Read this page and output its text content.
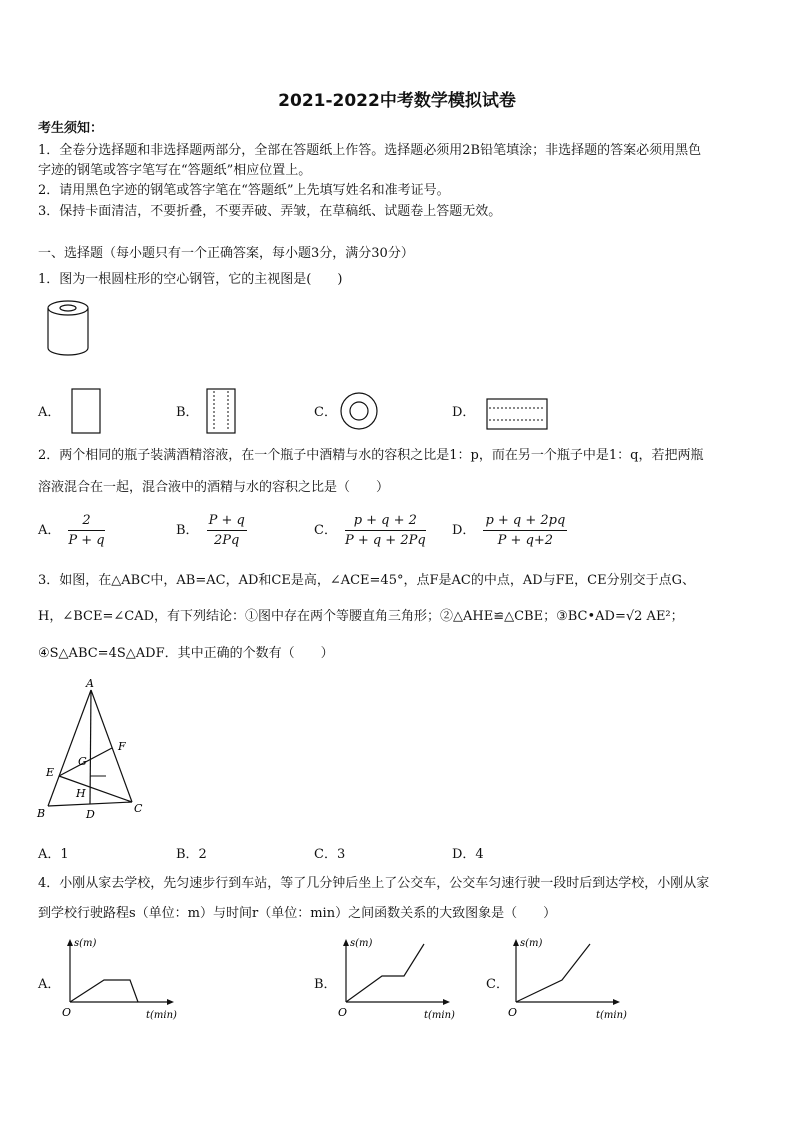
2021-2022中考数学模拟试卷
考生须知：
1．全卷分选择题和非选择题两部分，全部在答题纸上作答。选择题必须用2B铅笔填涂；非选择题的答案必须用黑色
字迹的钢笔或答字笔写在“答题纸”相应位置上。
2．请用黑色字迹的钢笔或答字笔在“答题纸”上先填写姓名和准考证号。
3．保持卡面清洁，不要折叠，不要弄破、弄皱，在草稿纸、试题卷上答题无效。
一、选择题（每小题只有一个正确答案，每小题3分，满分30分）
1．图为一根圆柱形的空心钢管，它的主视图是(　　)
A．	B．	C．	D．
2．两个相同的瓶子装满酒精溶液，在一个瓶子中酒精与水的容积之比是1：p，而在另一个瓶子中是1：q，若把两瓶
溶液混合在一起，混合液中的酒精与水的容积之比是（　　）
A． $\frac{2}{P + q}$	B． $\frac{P + q}{2Pq}$	C． $\frac{p + q + 2}{P + q + 2Pq}$ D． $\frac{p + q + 2pq}{P + q+2}$
3．如图，在△ABC中，AB=AC，AD和CE是高，∠ACE=45°，点F是AC的中点，AD与FE，CE分别交于点G、
H，∠BCE=∠CAD，有下列结论：①图中存在两个等腰直角三角形；②△AHE≌△CBE；③BC•AD=√2 AE²；
④S△ABC=4S△ADF．其中正确的个数有（　　）
A
F
G
E
H
B	D	C
A．1	B．2	C．3	D．4
4．小刚从家去学校，先匀速步行到车站，等了几分钟后坐上了公交车，公交车匀速行驶一段时后到达学校，小刚从家
到学校行驶路程s（单位：m）与时间r（单位：min）之间函数关系的大致图象是（　　）
A．
s(m)
t(min)
O
B．
s(m)
t(min)
O
C．
s(m)
t(min)
O
